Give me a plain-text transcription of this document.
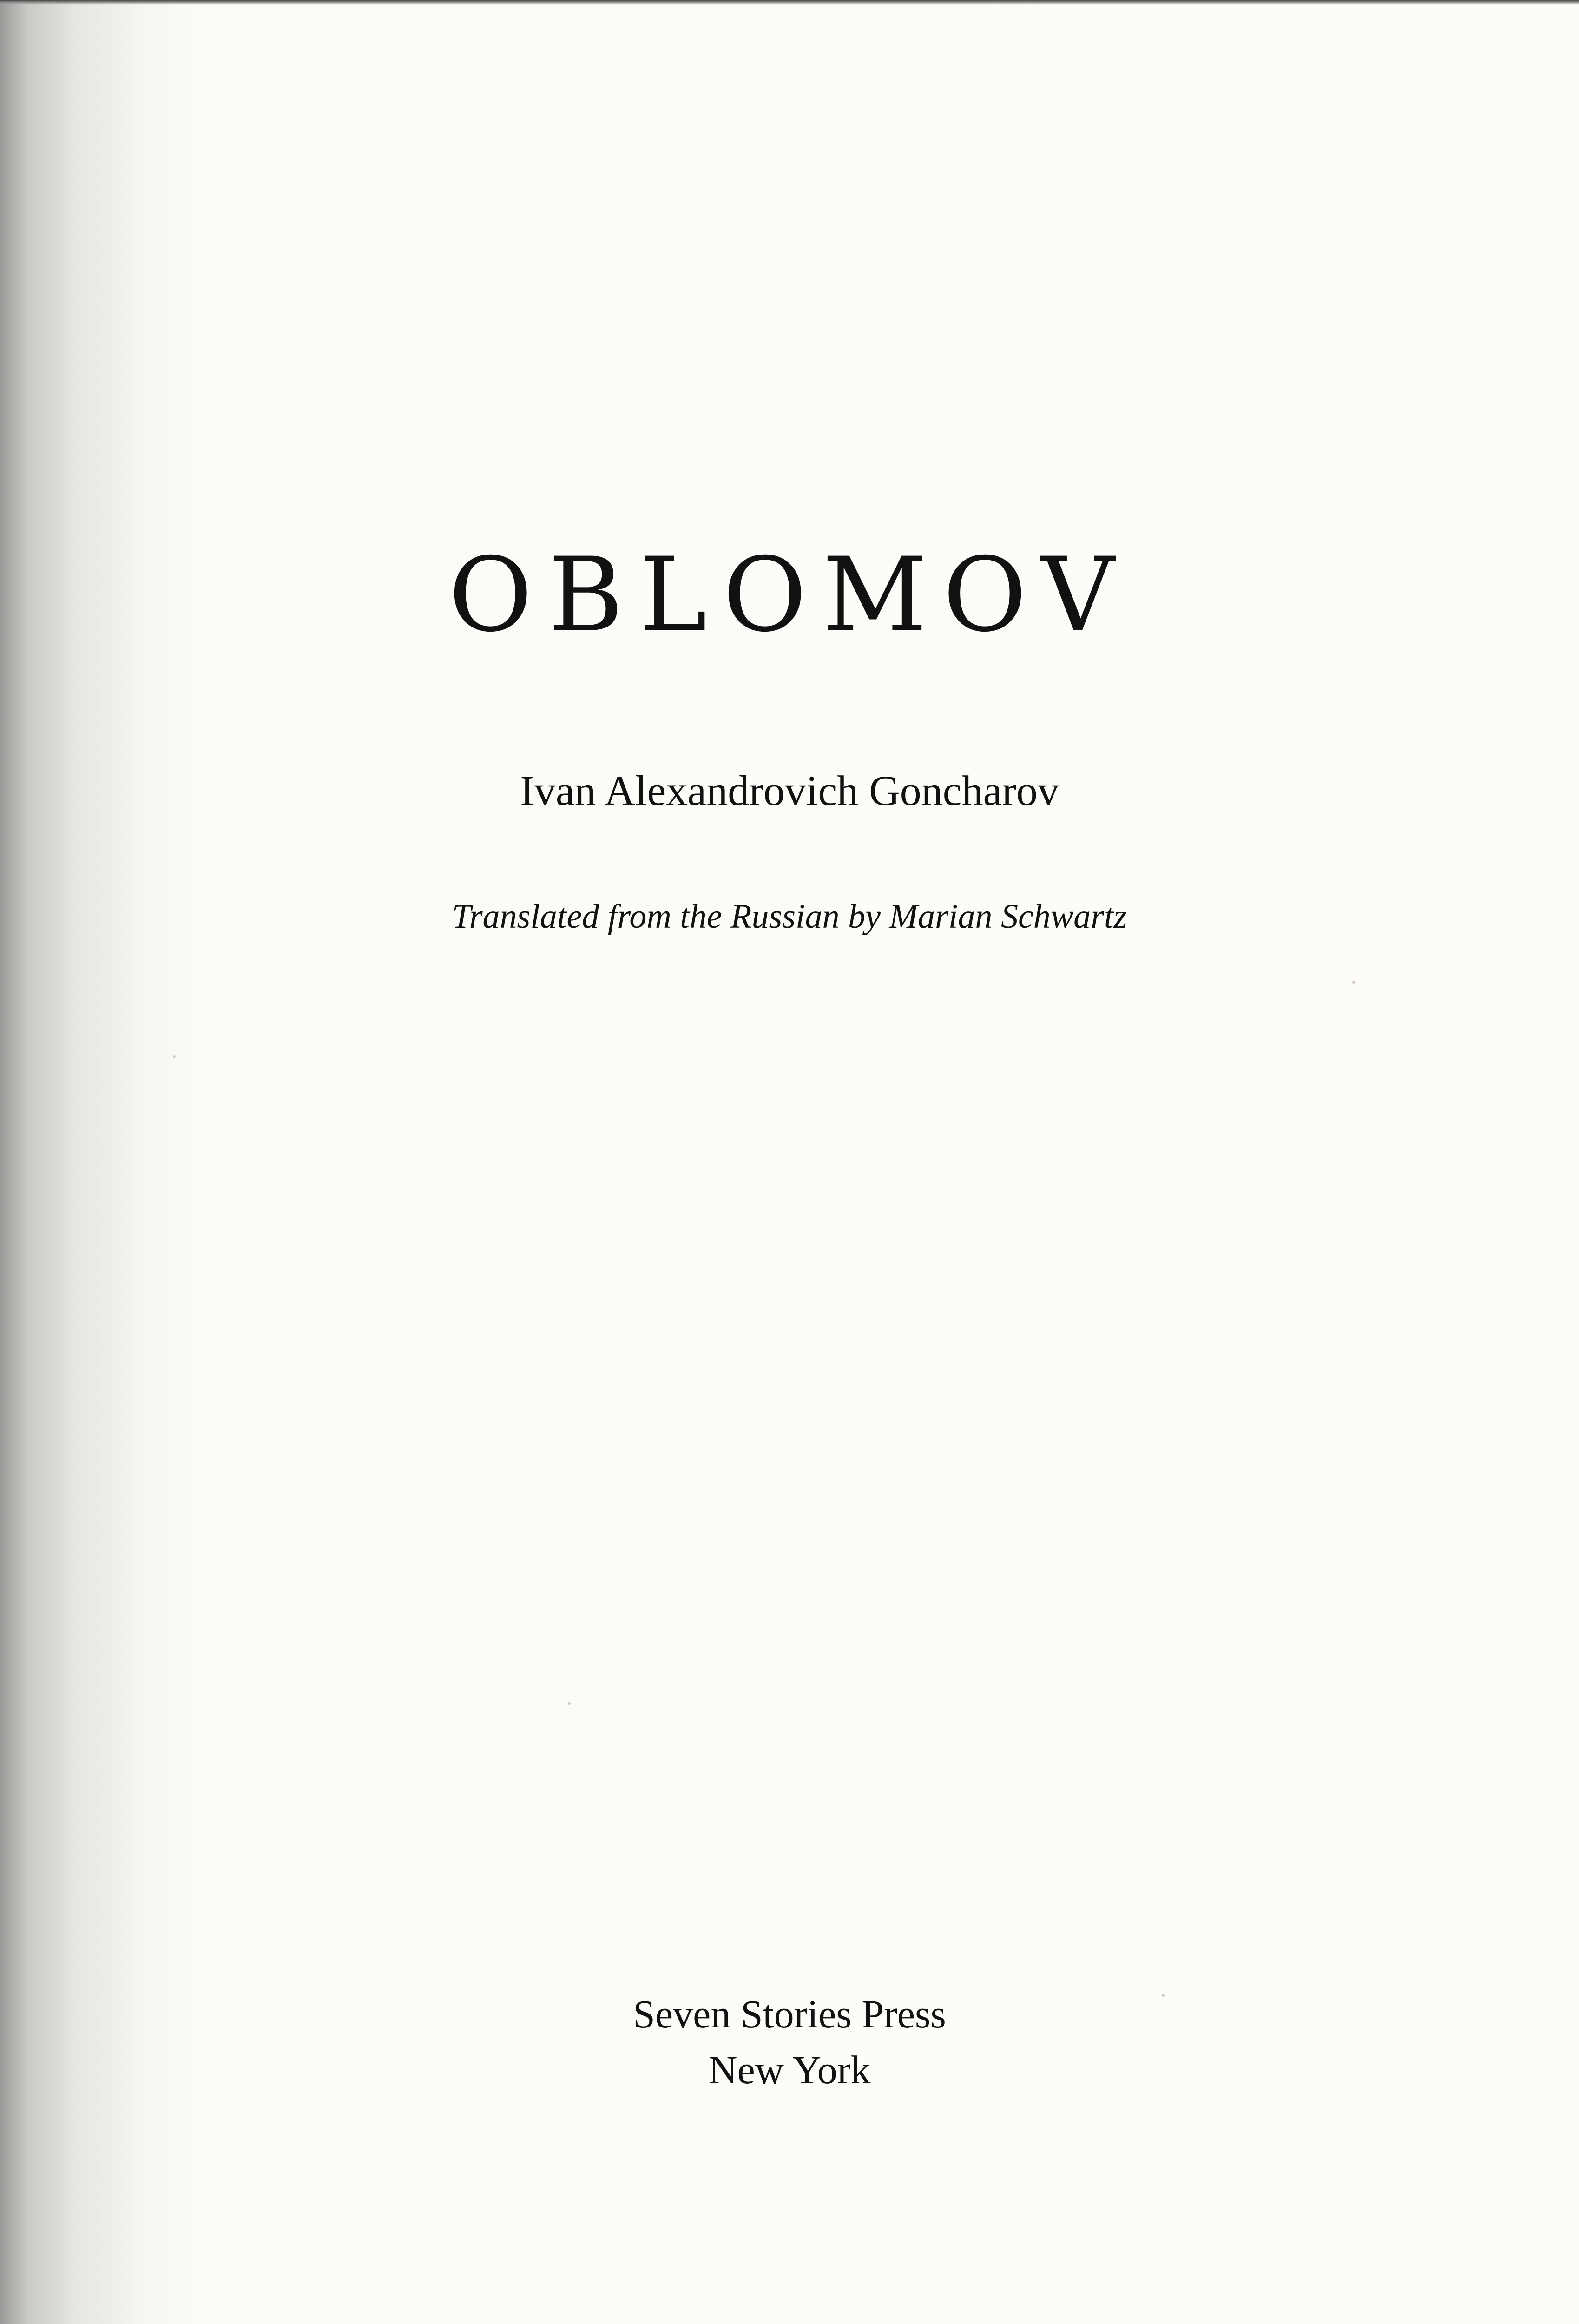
OBLOMOV
Ivan Alexandrovich Goncharov
Translated from the Russian by Marian Schwartz
Seven Stories Press
New York
